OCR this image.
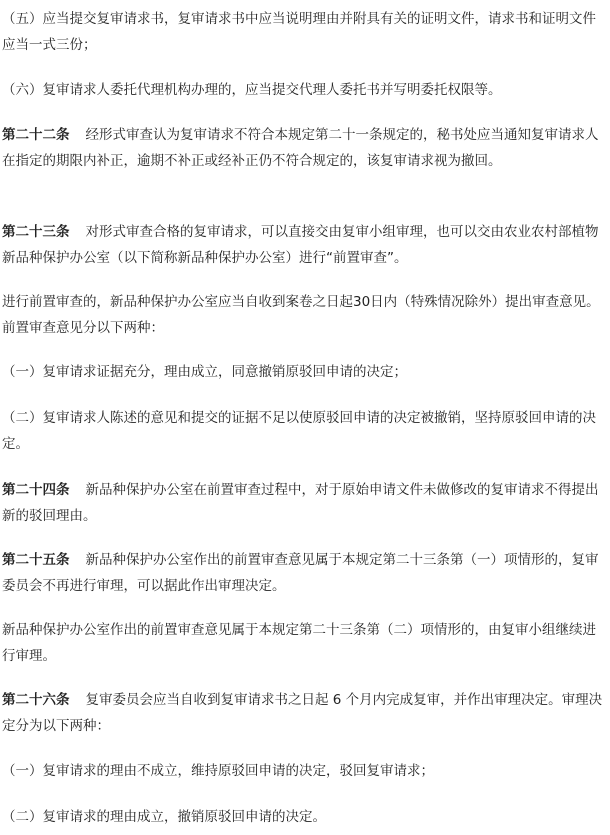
（五）应当提交复审请求书，复审请求书中应当说明理由并附具有关的证明文件，请求书和证明文件应当一式三份；

（六）复审请求人委托代理机构办理的，应当提交代理人委托书并写明委托权限等。

第二十二条 经形式审查认为复审请求不符合本规定第二十一条规定的，秘书处应当通知复审请求人在指定的期限内补正，逾期不补正或经补正仍不符合规定的，该复审请求视为撤回。

第二十三条 对形式审查合格的复审请求，可以直接交由复审小组审理，也可以交由农业农村部植物新品种保护办公室（以下简称新品种保护办公室）进行“前置审查”。

进行前置审查的，新品种保护办公室应当自收到案卷之日起30日内（特殊情况除外）提出审查意见。前置审查意见分以下两种：

（一）复审请求证据充分，理由成立，同意撤销原驳回申请的决定；

（二）复审请求人陈述的意见和提交的证据不足以使原驳回申请的决定被撤销，坚持原驳回申请的决定。

第二十四条 新品种保护办公室在前置审查过程中，对于原始申请文件未做修改的复审请求不得提出新的驳回理由。

第二十五条 新品种保护办公室作出的前置审查意见属于本规定第二十三条第（一）项情形的，复审委员会不再进行审理，可以据此作出审理决定。

新品种保护办公室作出的前置审查意见属于本规定第二十三条第（二）项情形的，由复审小组继续进行审理。

第二十六条 复审委员会应当自收到复审请求书之日起 6 个月内完成复审，并作出审理决定。审理决定分为以下两种：

（一）复审请求的理由不成立，维持原驳回申请的决定，驳回复审请求；

（二）复审请求的理由成立，撤销原驳回申请的决定。
